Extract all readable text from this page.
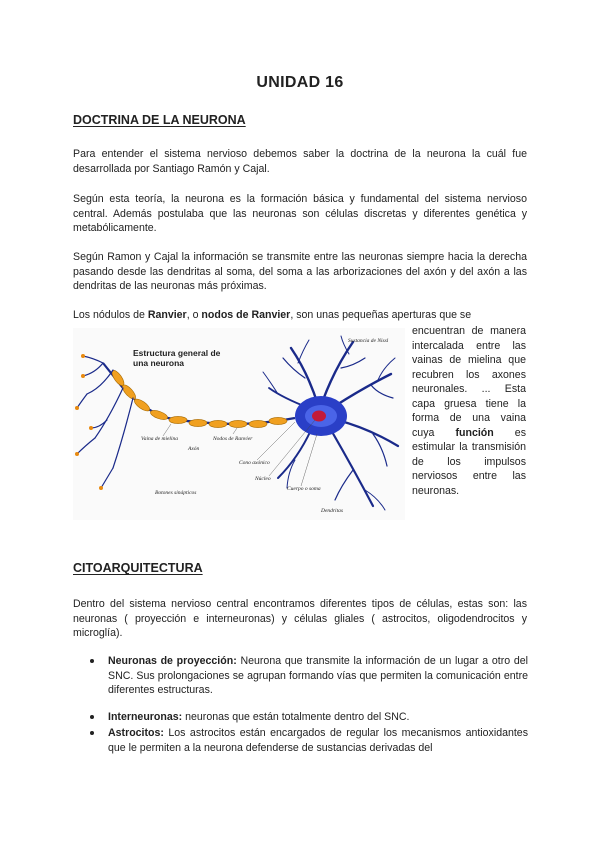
UNIDAD 16
DOCTRINA DE LA NEURONA

Para entender el sistema nervioso debemos saber la doctrina de la neurona la cuál fue desarrollada por Santiago Ramón y Cajal.

Según esta teoría, la neurona es la formación básica y fundamental del sistema nervioso central. Además postulaba que las neuronas son células discretas y diferentes genética y metabólicamente.

Según Ramon y Cajal la información se transmite entre las neuronas siempre hacia la derecha pasando desde las dendritas al soma, del soma a las arborizaciones del axón y del axón a las dendritas de las neuronas más próximas.

Los nódulos de Ranvier, o nodos de Ranvier, son unas pequeñas aperturas que se

Estructura general de
una neurona
Sustancia de Nissl
Vaina de mielina
Axón
Nodos de Ranvier
Cono axónico
Núcleo
Cuerpo o soma
Botones sinápticos
Dendritas

encuentran de manera intercalada entre las vainas de mielina que recubren los axones neuronales. ... Esta capa gruesa tiene la forma de una vaina cuya función es estimular la transmisión de los impulsos nerviosos entre las neuronas.

CITOARQUITECTURA

Dentro del sistema nervioso central encontramos diferentes tipos de células, estas son: las neuronas ( proyección e interneuronas) y células gliales ( astrocitos, oligodendrocitos y microglía).

Neuronas de proyección: Neurona que transmite la información de un lugar a otro del SNC. Sus prolongaciones se agrupan formando vías que permiten la comunicación entre diferentes estructuras.
Interneuronas: neuronas que están totalmente dentro del SNC.
Astrocitos: Los astrocitos están encargados de regular los mecanismos antioxidantes que le permiten a la neurona defenderse de sustancias derivadas del
